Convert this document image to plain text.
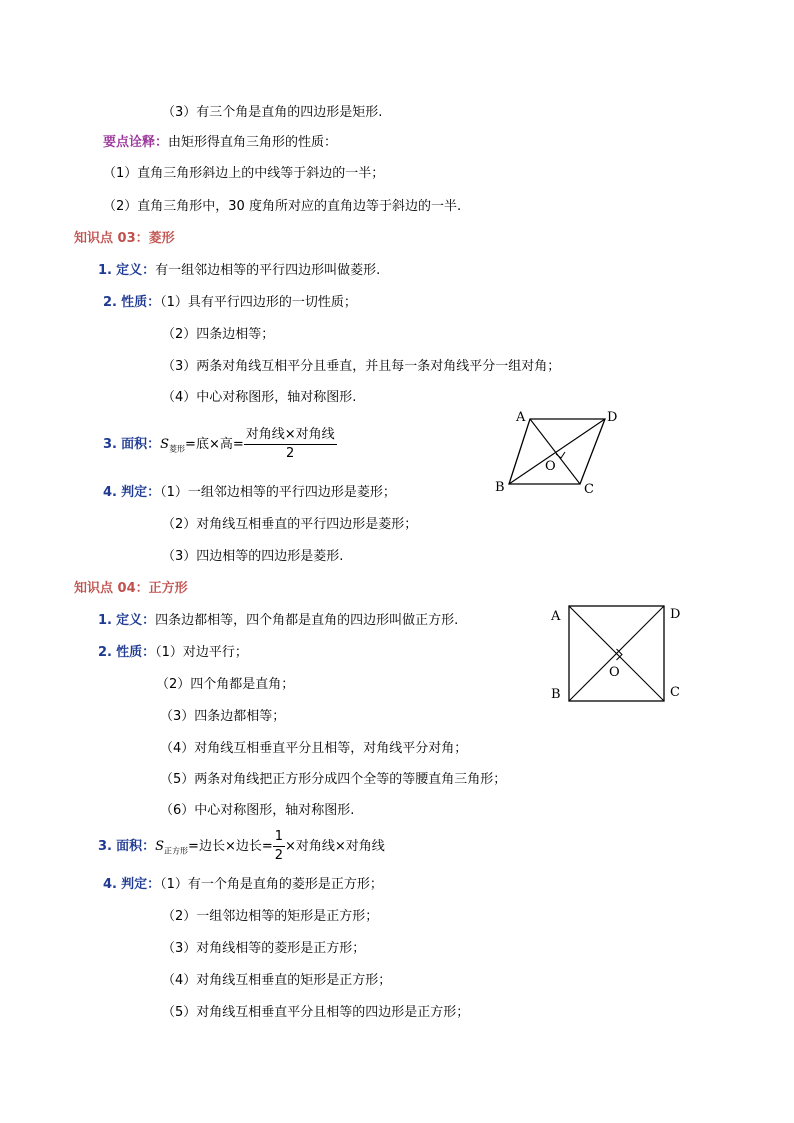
（3）有三个角是直角的四边形是矩形.
要点诠释：由矩形得直角三角形的性质：
（1）直角三角形斜边上的中线等于斜边的一半；
（2）直角三角形中，30 度角所对应的直角边等于斜边的一半.
知识点 03：菱形
1. 定义：有一组邻边相等的平行四边形叫做菱形.
2. 性质：（1）具有平行四边形的一切性质；
（2）四条边相等；
（3）两条对角线互相平分且垂直，并且每一条对角线平分一组对角；
（4）中心对称图形，轴对称图形.
3. 面积：$S_{菱形}=$底×高= $\frac{\text{对角线×对角线}}{2}$
4. 判定：（1）一组邻边相等的平行四边形是菱形；
（2）对角线互相垂直的平行四边形是菱形；
（3）四边相等的四边形是菱形.
A	D
B	C
O
知识点 04：正方形
1. 定义：四条边都相等，四个角都是直角的四边形叫做正方形.
2. 性质：（1）对边平行；
（2）四个角都是直角；
（3）四条边都相等；
（4）对角线互相垂直平分且相等，对角线平分对角；
（5）两条对角线把正方形分成四个全等的等腰直角三角形；
（6）中心对称图形，轴对称图形.
3. 面积：$S_{正方形}=$边长×边长= $\frac{1}{2}$ ×对角线×对角线
4. 判定：（1）有一个角是直角的菱形是正方形；
（2）一组邻边相等的矩形是正方形；
（3）对角线相等的菱形是正方形；
（4）对角线互相垂直的矩形是正方形；
（5）对角线互相垂直平分且相等的四边形是正方形；
A	D
B	C
O
